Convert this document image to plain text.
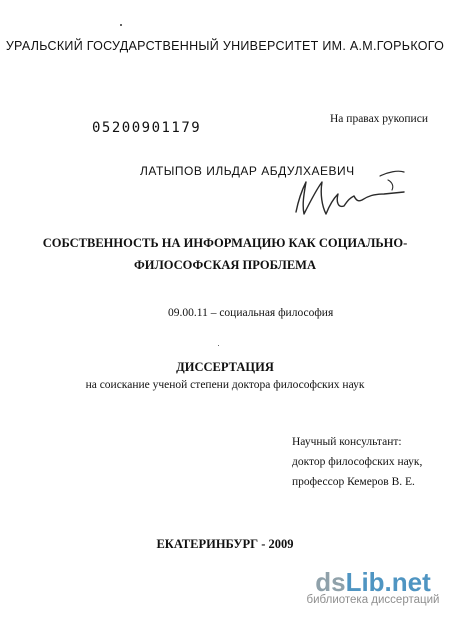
УРАЛЬСКИЙ ГОСУДАРСТВЕННЫЙ УНИВЕРСИТЕТ ИМ. А.М.ГОРЬКОГО
05200901179
На правах рукописи
ЛАТЫПОВ ИЛЬДАР АБДУЛХАЕВИЧ
СОБСТВЕННОСТЬ НА ИНФОРМАЦИЮ КАК СОЦИАЛЬНО-
ФИЛОСОФСКАЯ ПРОБЛЕМА
09.00.11 – социальная философия
ДИССЕРТАЦИЯ
на соискание ученой степени доктора философских наук
Научный консультант:
доктор философских наук,
профессор Кемеров В. Е.
ЕКАТЕРИНБУРГ - 2009
dsLib.net
библиотека диссертаций
